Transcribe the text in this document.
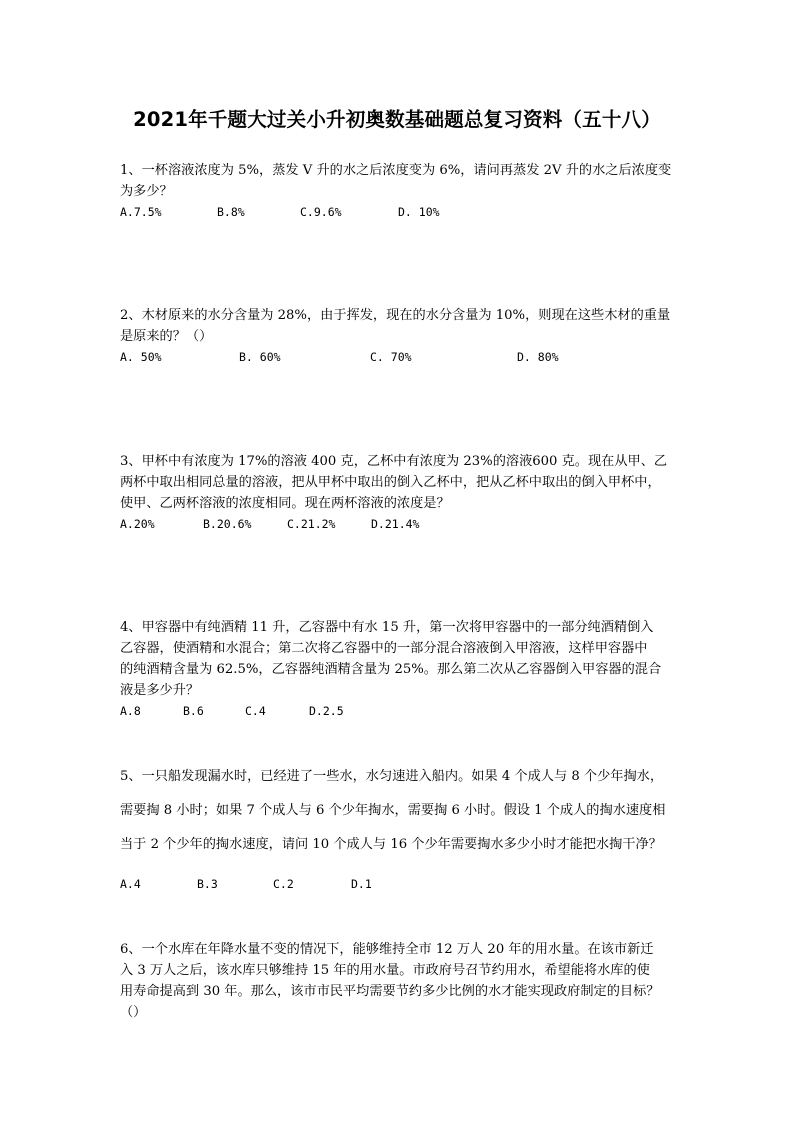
2021年千题大过关小升初奥数基础题总复习资料（五十八）

1、一杯溶液浓度为 5%，蒸发 V 升的水之后浓度变为 6%，请问再蒸发 2V 升的水之后浓度变

为多少？

A.7.5%	B.8%	C.9.6%	D. 10%

2、木材原来的水分含量为 28%，由于挥发，现在的水分含量为 10%，则现在这些木材的重量

是原来的？（）

A. 50%	B. 60%	C. 70%	D. 80%

3、甲杯中有浓度为 17%的溶液 400 克，乙杯中有浓度为 23%的溶液600 克。现在从甲、乙

两杯中取出相同总量的溶液，把从甲杯中取出的倒入乙杯中，把从乙杯中取出的倒入甲杯中，

使甲、乙两杯溶液的浓度相同。现在两杯溶液的浓度是？

A.20%	B.20.6%	C.21.2%	D.21.4%

4、甲容器中有纯酒精 11 升，乙容器中有水 15 升，第一次将甲容器中的一部分纯酒精倒入

乙容器，使酒精和水混合；第二次将乙容器中的一部分混合溶液倒入甲溶液，这样甲容器中

的纯酒精含量为 62.5%，乙容器纯酒精含量为 25%。那么第二次从乙容器倒入甲容器的混合

液是多少升？

A.8	B.6	C.4	D.2.5

5、一只船发现漏水时，已经进了一些水，水匀速进入船内。如果 4 个成人与 8 个少年掏水，

需要掏 8 小时；如果 7 个成人与 6 个少年掏水，需要掏 6 小时。假设 1 个成人的掏水速度相

当于 2 个少年的掏水速度，请问 10 个成人与 16 个少年需要掏水多少小时才能把水掏干净？

A.4	B.3	C.2	D.1

6、一个水库在年降水量不变的情况下，能够维持全市 12 万人 20 年的用水量。在该市新迁

入 3 万人之后，该水库只够维持 15 年的用水量。市政府号召节约用水，希望能将水库的使

用寿命提高到 30 年。那么，该市市民平均需要节约多少比例的水才能实现政府制定的目标？

（）
